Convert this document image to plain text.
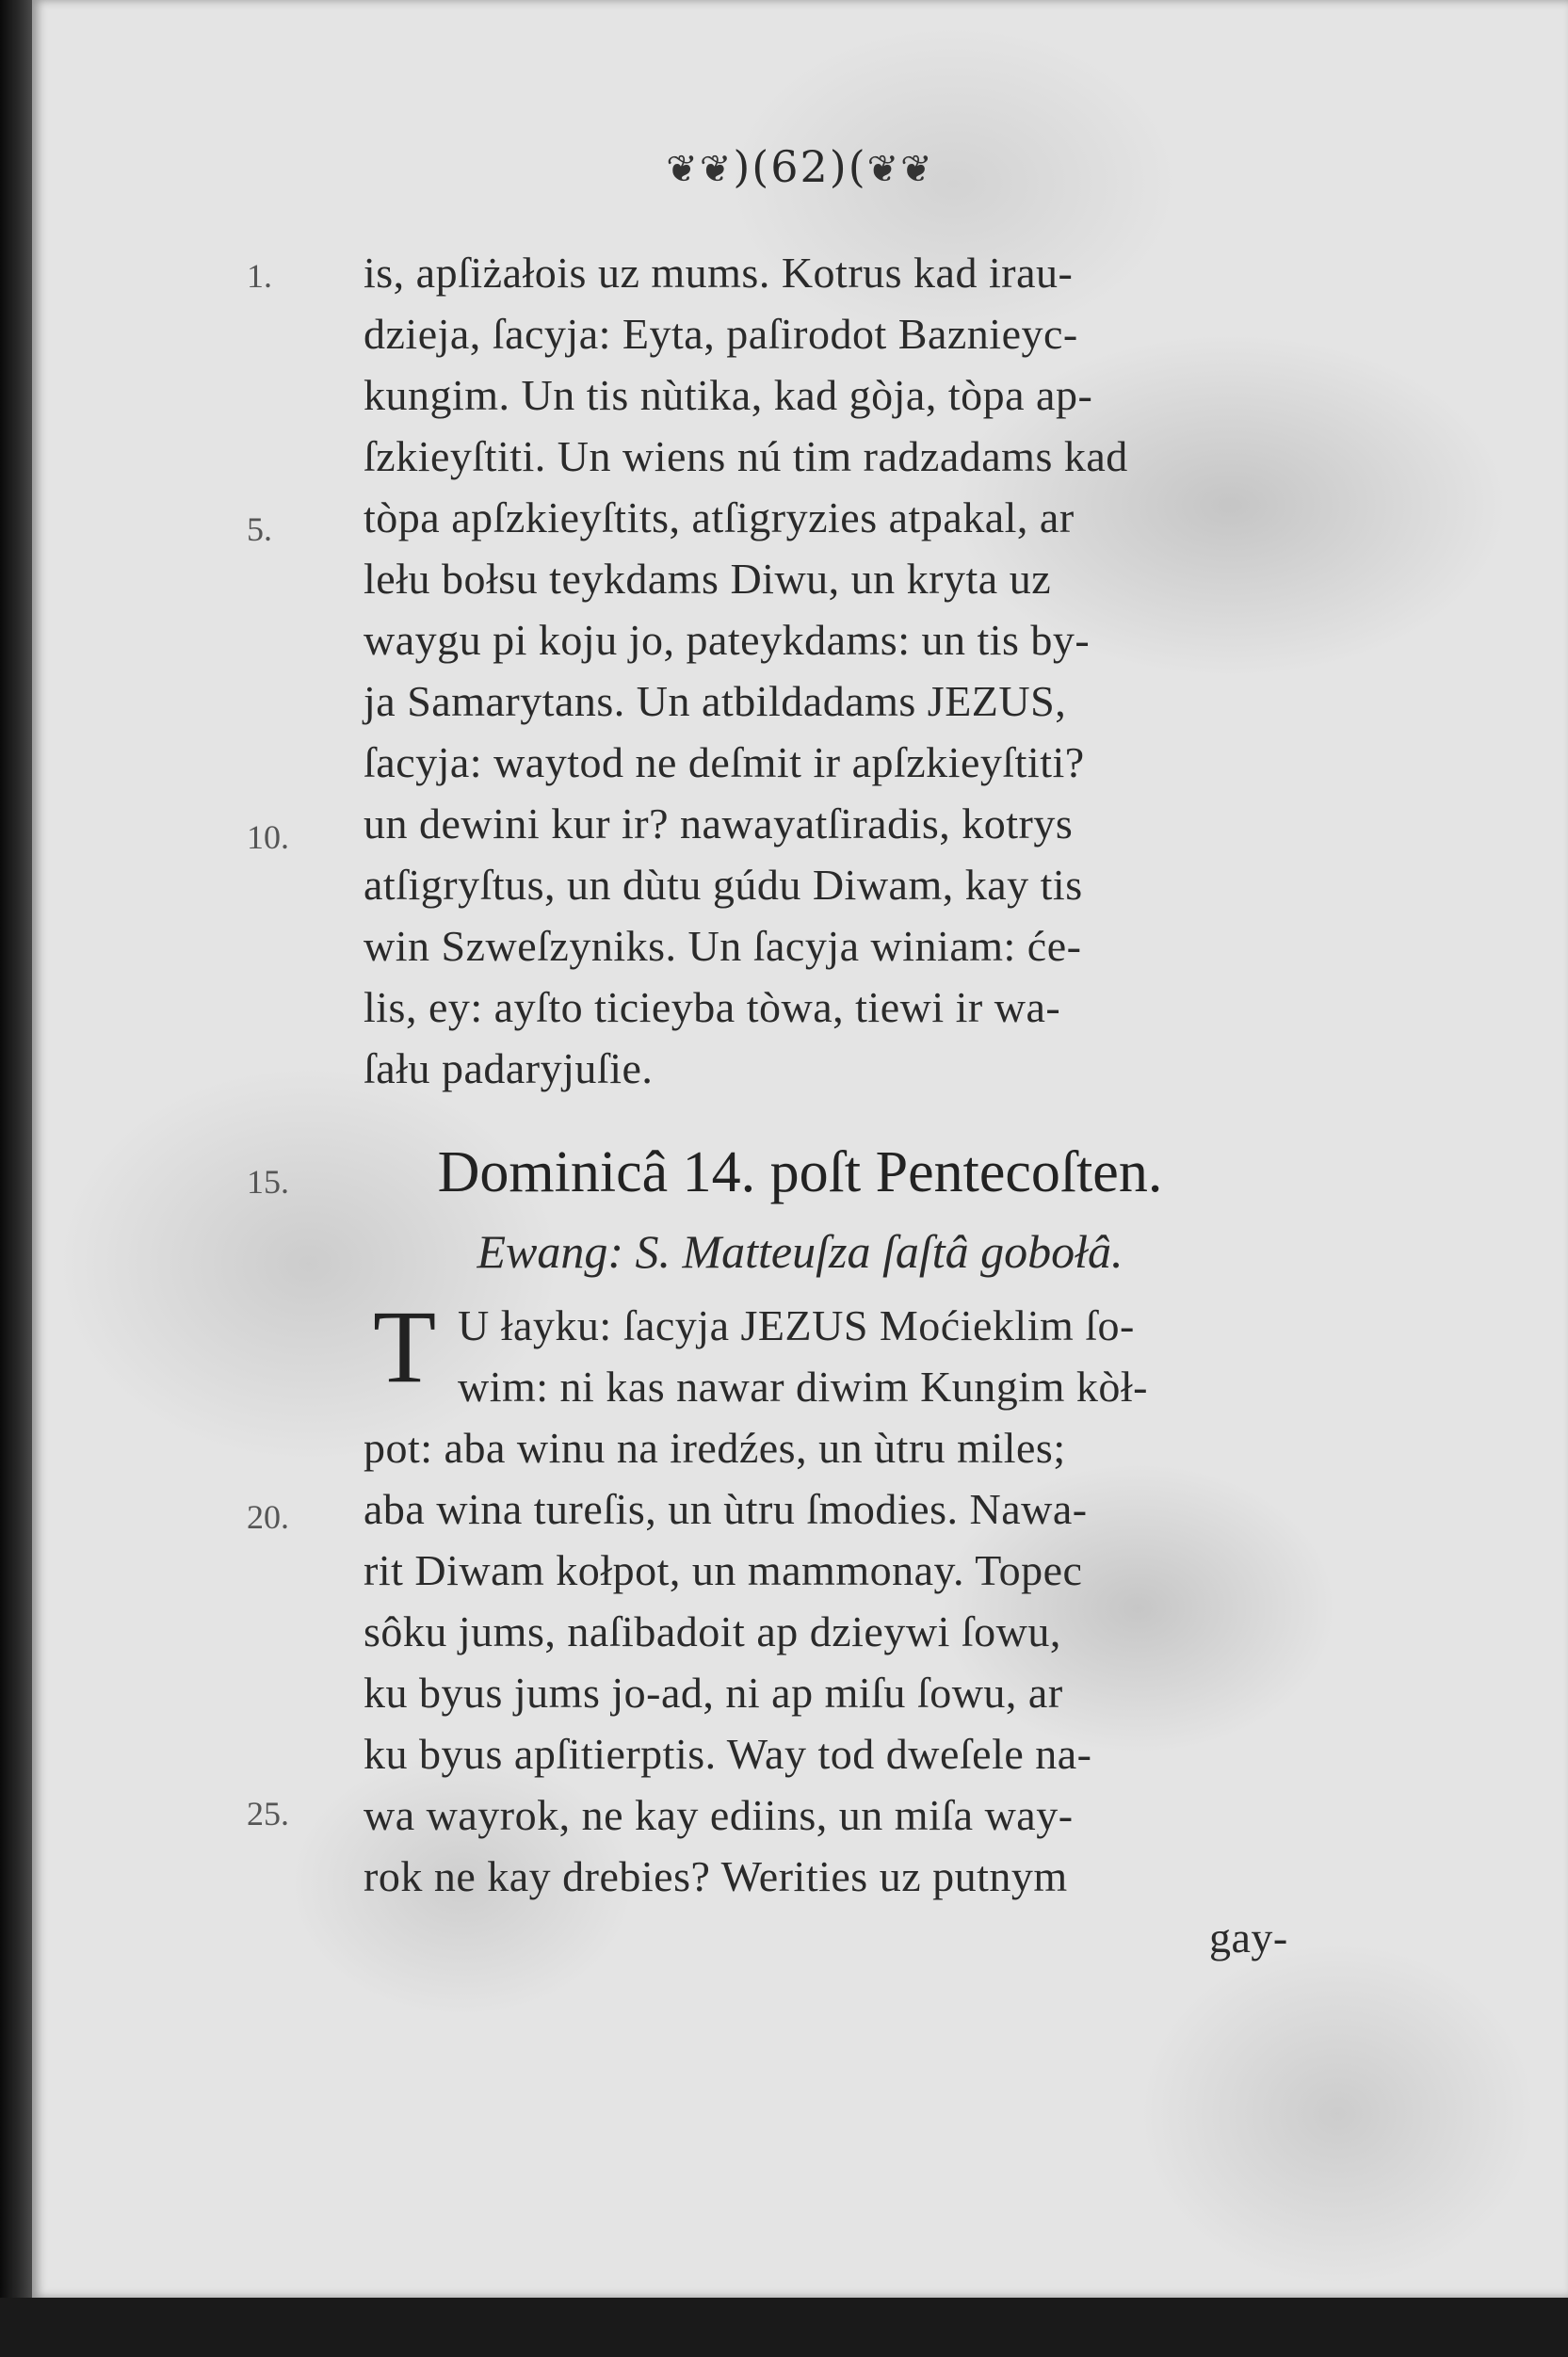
❦❦)(62)(❦❦
1.
5.
10.
15.
20.
25.
is, apſiżałois uz mums. Kotrus kad irau-
dzieja, ſacyja: Eyta, paſirodot Baznieyc-
kungim. Un tis nùtika, kad gòja, tòpa ap-
ſzkieyſtiti. Un wiens nú tim radzadams kad
tòpa apſzkieyſtits, atſigryzies atpakal, ar
lełu bołsu teykdams Diwu, un kryta uz
waygu pi koju jo, pateykdams: un tis by-
ja Samarytans. Un atbildadams JEZUS,
ſacyja: waytod ne deſmit ir apſzkieyſtiti?
un dewini kur ir? nawayatſiradis, kotrys
atſigryſtus, un dùtu gúdu Diwam, kay tis
win Szweſzyniks. Un ſacyja winiam: će-
lis, ey: ayſto ticieyba tòwa, tiewi ir wa-
ſału padaryjuſie.
Dominicâ 14. poſt Pentecoſten.
Ewang: S. Matteuſza ſaſtâ gobołâ.
T U łayku: ſacyja JEZUS Moćieklim ſo-
wim: ni kas nawar diwim Kungim kòł-
pot: aba winu na iredźes, un ùtru miles;
aba wina tureſis, un ùtru ſmodies. Nawa-
rit Diwam kołpot, un mammonay. Topec
sôku jums, naſibadoit ap dzieywi ſowu,
ku byus jums jo-ad, ni ap miſu ſowu, ar
ku byus apſitierptis. Way tod dweſele na-
wa wayrok, ne kay ediins, un miſa way-
rok ne kay drebies? Werities uz putnym
gay-
